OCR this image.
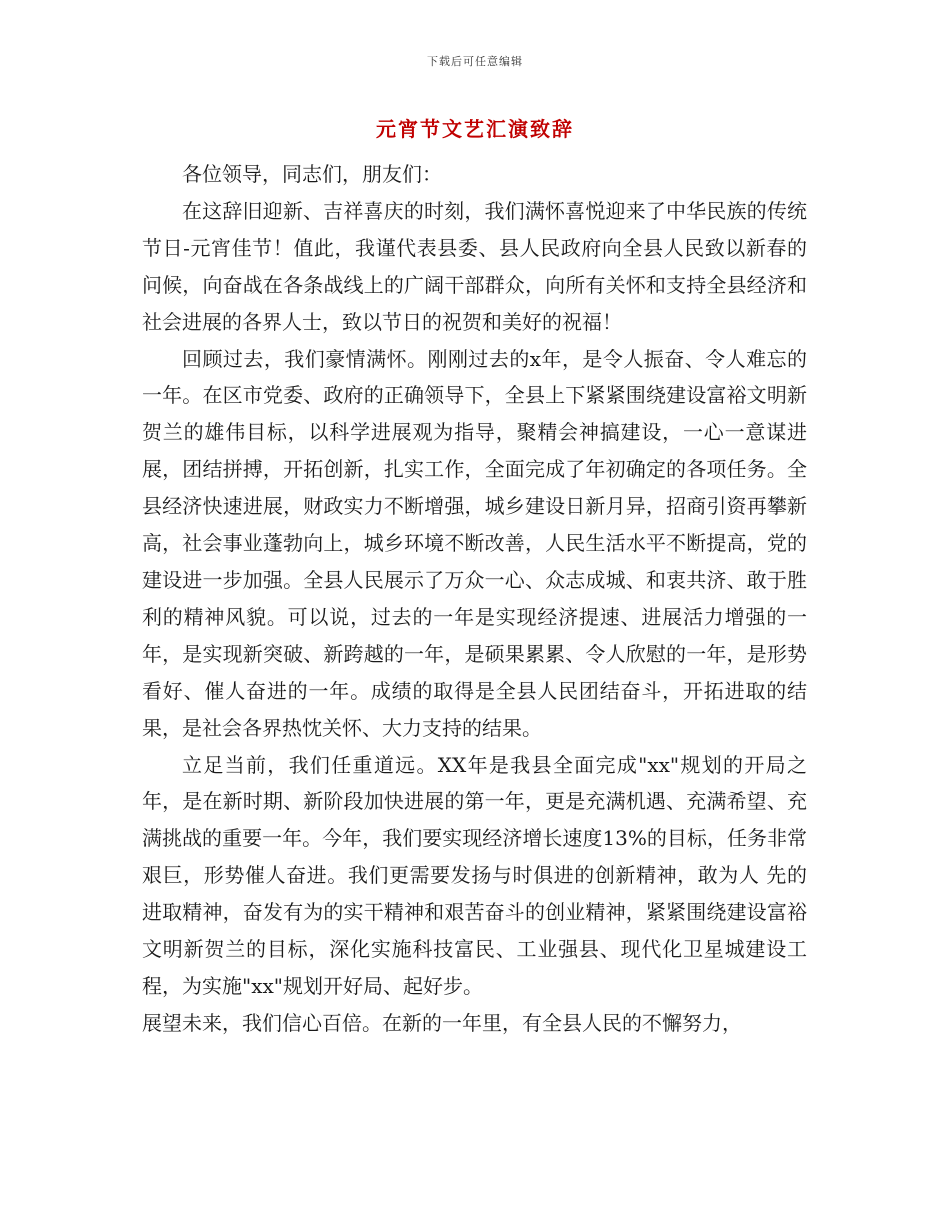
下载后可任意编辑
元宵节文艺汇演致辞

各位领导，同志们，朋友们：

在这辞旧迎新、吉祥喜庆的时刻，我们满怀喜悦迎来了中华民族的传统节日-元宵佳节！值此，我谨代表县委、县人民政府向全县人民致以新春的问候，向奋战在各条战线上的广阔干部群众，向所有关怀和支持全县经济和社会进展的各界人士，致以节日的祝贺和美好的祝福！

回顾过去，我们豪情满怀。刚刚过去的x年，是令人振奋、令人难忘的一年。在区市党委、政府的正确领导下，全县上下紧紧围绕建设富裕文明新贺兰的雄伟目标，以科学进展观为指导，聚精会神搞建设，一心一意谋进展，团结拼搏，开拓创新，扎实工作，全面完成了年初确定的各项任务。全县经济快速进展，财政实力不断增强，城乡建设日新月异，招商引资再攀新高，社会事业蓬勃向上，城乡环境不断改善，人民生活水平不断提高，党的建设进一步加强。全县人民展示了万众一心、众志成城、和衷共济、敢于胜利的精神风貌。可以说，过去的一年是实现经济提速、进展活力增强的一年，是实现新突破、新跨越的一年，是硕果累累、令人欣慰的一年，是形势看好、催人奋进的一年。成绩的取得是全县人民团结奋斗，开拓进取的结果，是社会各界热忱关怀、大力支持的结果。

立足当前，我们任重道远。XX年是我县全面完成"xx"规划的开局之年，是在新时期、新阶段加快进展的第一年，更是充满机遇、充满希望、充满挑战的重要一年。今年，我们要实现经济增长速度13%的目标，任务非常艰巨，形势催人奋进。我们更需要发扬与时俱进的创新精神，敢为人 先的进取精神，奋发有为的实干精神和艰苦奋斗的创业精神，紧紧围绕建设富裕文明新贺兰的目标，深化实施科技富民、工业强县、现代化卫星城建设工程，为实施"xx"规划开好局、起好步。

展望未来，我们信心百倍。在新的一年里，有全县人民的不懈努力，
